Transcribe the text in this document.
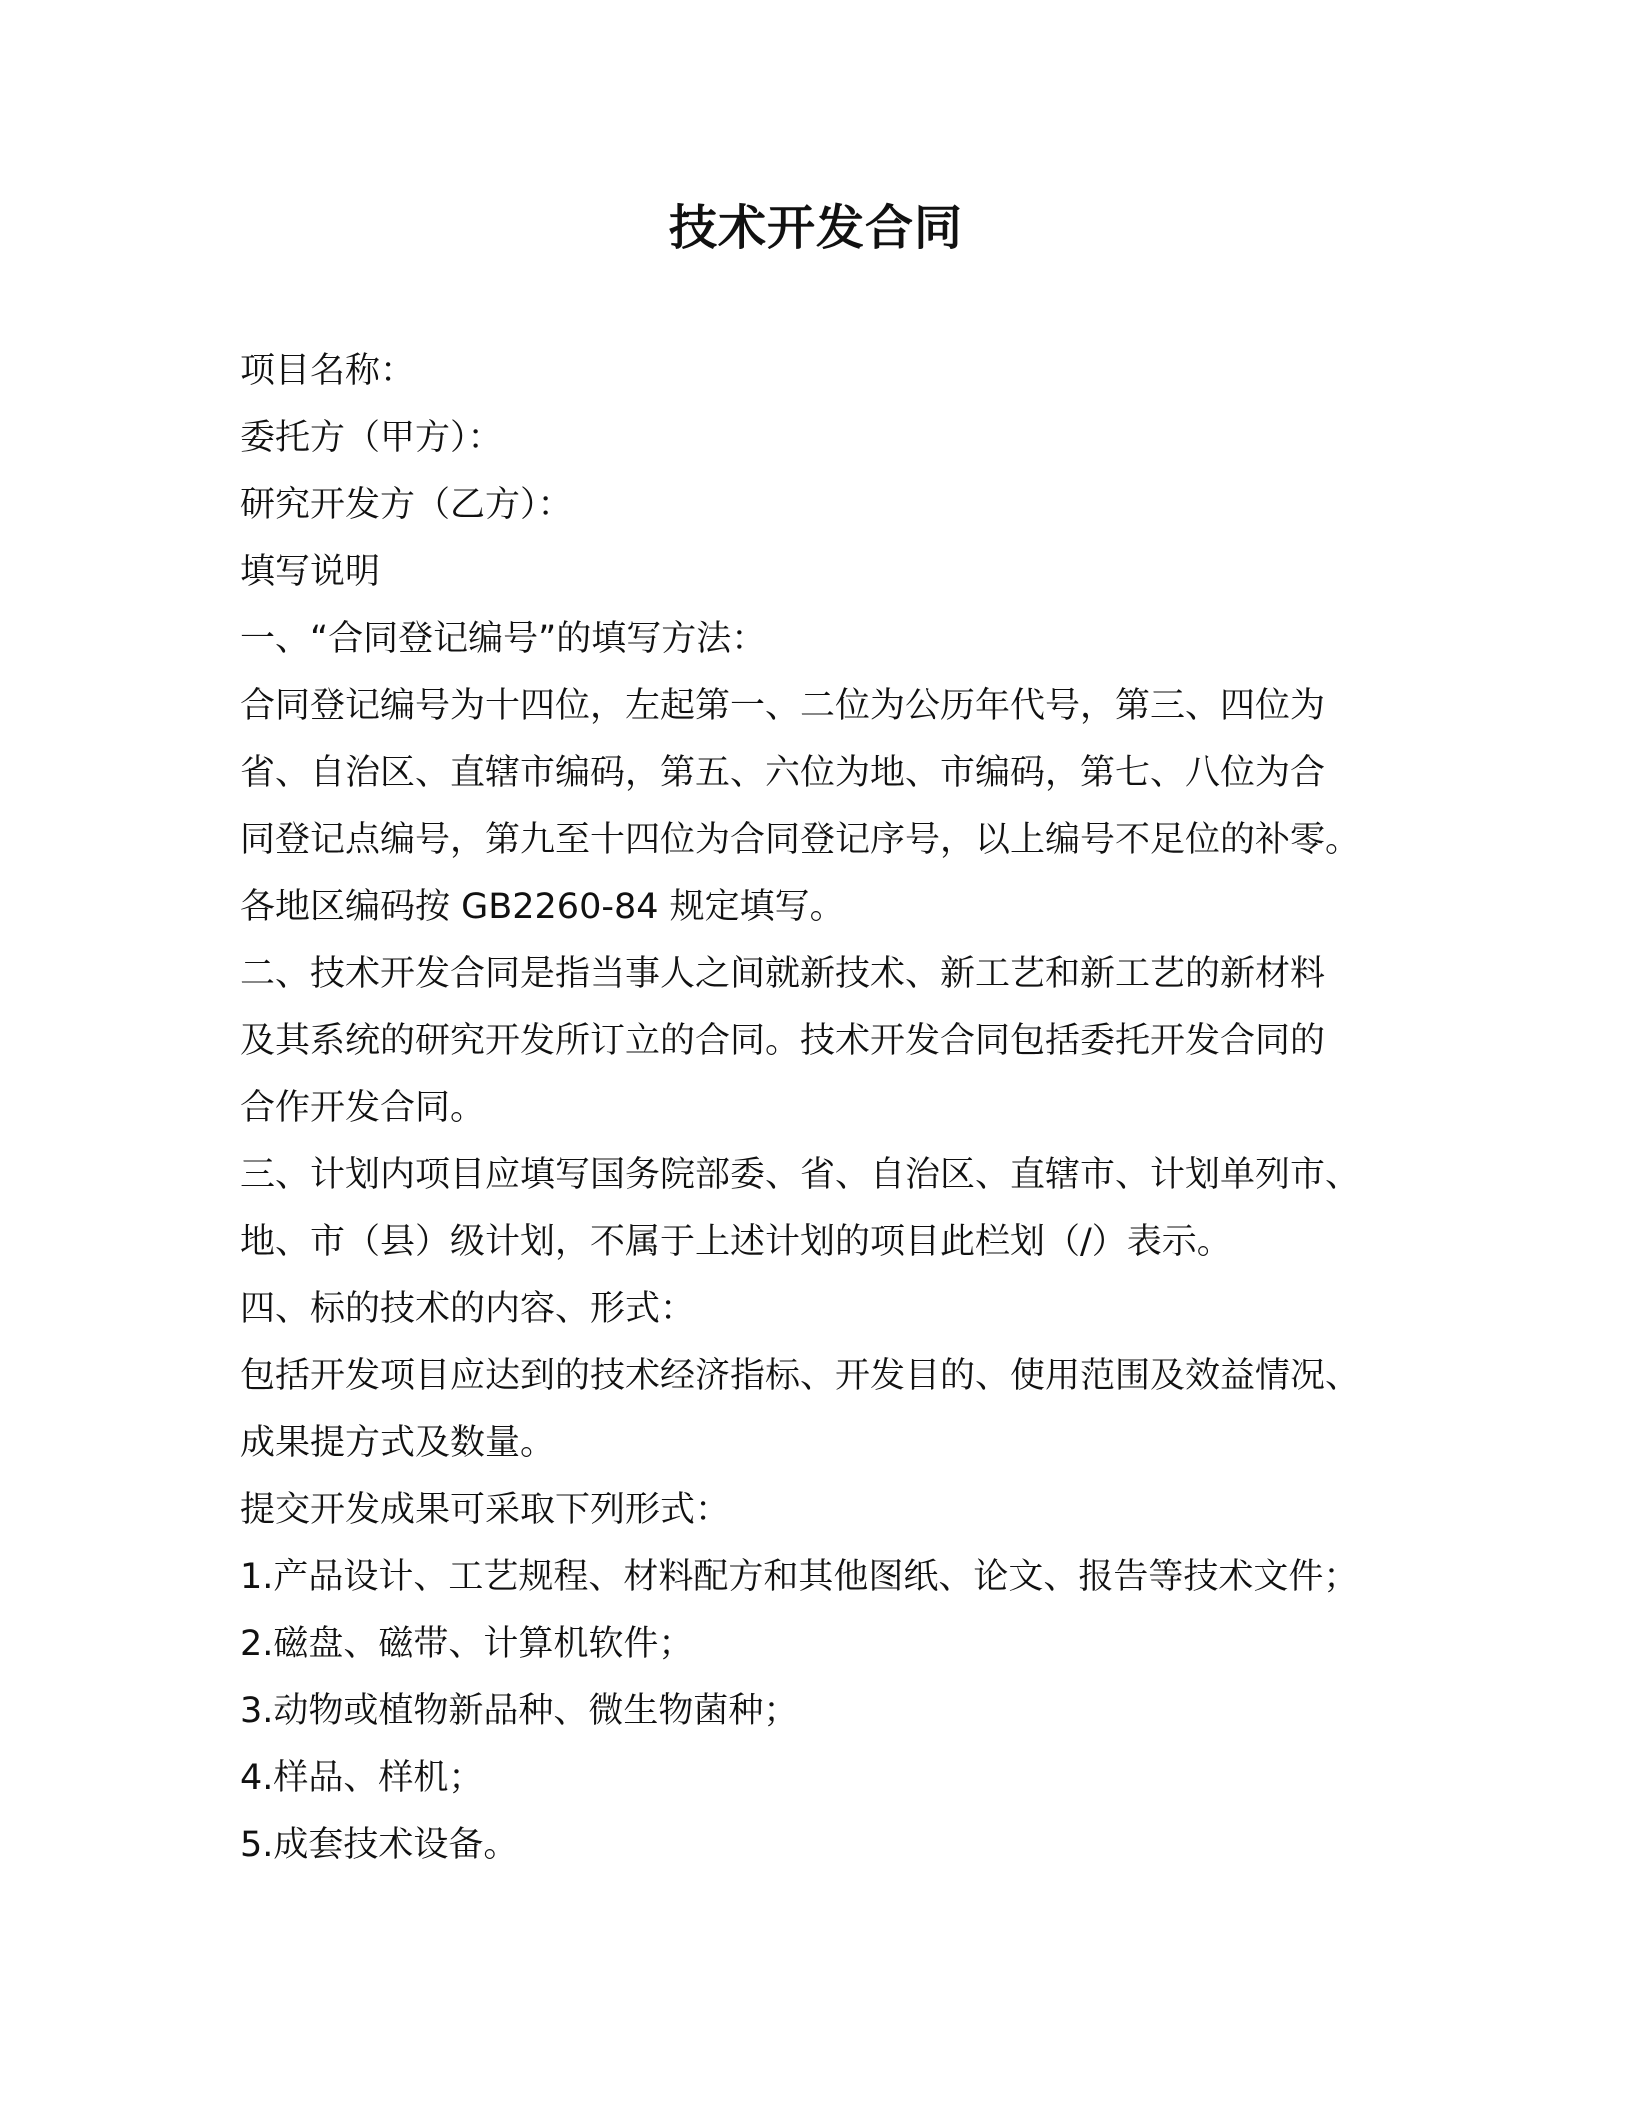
技术开发合同

项目名称：

委托方（甲方）：

研究开发方（乙方）：

填写说明

一、“合同登记编号”的填写方法：

合同登记编号为十四位，左起第一、二位为公历年代号，第三、四位为

省、自治区、直辖市编码，第五、六位为地、市编码，第七、八位为合

同登记点编号，第九至十四位为合同登记序号，以上编号不足位的补零。

各地区编码按 GB2260-84 规定填写。

二、技术开发合同是指当事人之间就新技术、新工艺和新工艺的新材料

及其系统的研究开发所订立的合同。技术开发合同包括委托开发合同的

合作开发合同。

三、计划内项目应填写国务院部委、省、自治区、直辖市、计划单列市、

地、市（县）级计划，不属于上述计划的项目此栏划（/）表示。

四、标的技术的内容、形式：

包括开发项目应达到的技术经济指标、开发目的、使用范围及效益情况、

成果提方式及数量。

提交开发成果可采取下列形式：

1.产品设计、工艺规程、材料配方和其他图纸、论文、报告等技术文件；

2.磁盘、磁带、计算机软件；

3.动物或植物新品种、微生物菌种；

4.样品、样机；

5.成套技术设备。
